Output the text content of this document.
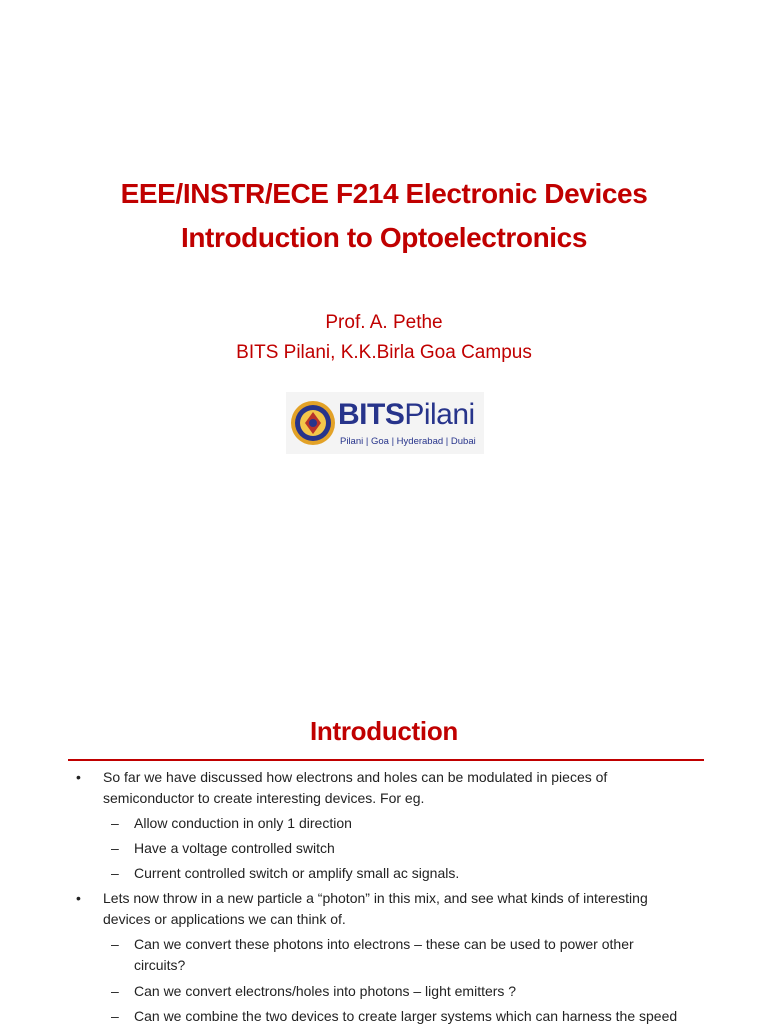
EEE/INSTR/ECE F214 Electronic Devices
Introduction to Optoelectronics
Prof. A. Pethe
BITS Pilani, K.K.Birla Goa Campus
BITSPilani
Pilani | Goa | Hyderabad | Dubai
Introduction
• So far we have discussed how electrons and holes can be modulated in pieces of
semiconductor to create interesting devices. For eg.
– Allow conduction in only 1 direction
– Have a voltage controlled switch
– Current controlled switch or amplify small ac signals.
• Lets now throw in a new particle a “photon” in this mix, and see what kinds of interesting
devices or applications we can think of.
– Can we convert these photons into electrons – these can be used to power other
circuits?
– Can we convert electrons/holes into photons – light emitters ?
– Can we combine the two devices to create larger systems which can harness the speed
